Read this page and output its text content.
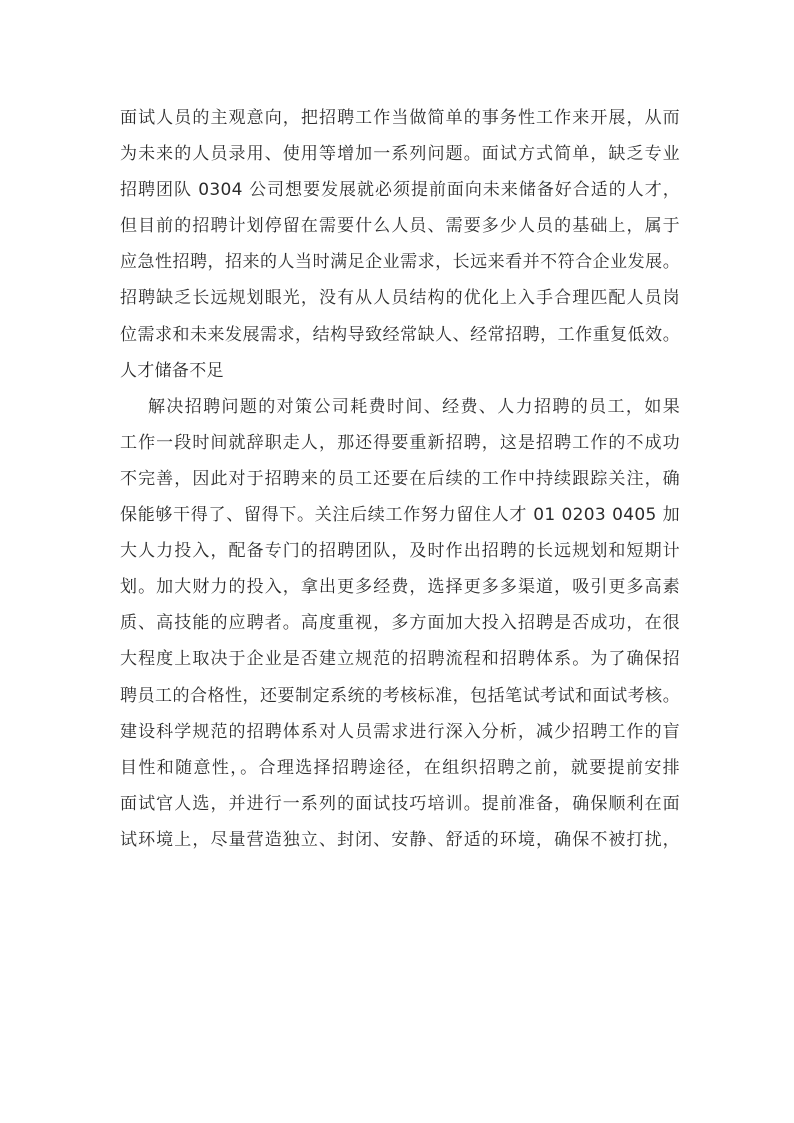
面试人员的主观意向，把招聘工作当做简单的事务性工作来开展，从而
为未来的人员录用、使用等增加一系列问题。面试方式简单，缺乏专业
招聘团队 0304 公司想要发展就必须提前面向未来储备好合适的人才，
但目前的招聘计划停留在需要什么人员、需要多少人员的基础上，属于
应急性招聘，招来的人当时满足企业需求，长远来看并不符合企业发展。
招聘缺乏长远规划眼光，没有从人员结构的优化上入手合理匹配人员岗
位需求和未来发展需求，结构导致经常缺人、经常招聘，工作重复低效。
人才储备不足
解决招聘问题的对策公司耗费时间、经费、人力招聘的员工，如果
工作一段时间就辞职走人，那还得要重新招聘，这是招聘工作的不成功
不完善，因此对于招聘来的员工还要在后续的工作中持续跟踪关注，确
保能够干得了、留得下。关注后续工作努力留住人才 01 0203 0405 加
大人力投入，配备专门的招聘团队，及时作出招聘的长远规划和短期计
划。加大财力的投入，拿出更多经费，选择更多多渠道，吸引更多高素
质、高技能的应聘者。高度重视，多方面加大投入招聘是否成功，在很
大程度上取决于企业是否建立规范的招聘流程和招聘体系。为了确保招
聘员工的合格性，还要制定系统的考核标准，包括笔试考试和面试考核。
建设科学规范的招聘体系对人员需求进行深入分析，减少招聘工作的盲
目性和随意性，。合理选择招聘途径，在组织招聘之前，就要提前安排
面试官人选，并进行一系列的面试技巧培训。提前准备，确保顺利在面
试环境上，尽量营造独立、封闭、安静、舒适的环境，确保不被打扰，
